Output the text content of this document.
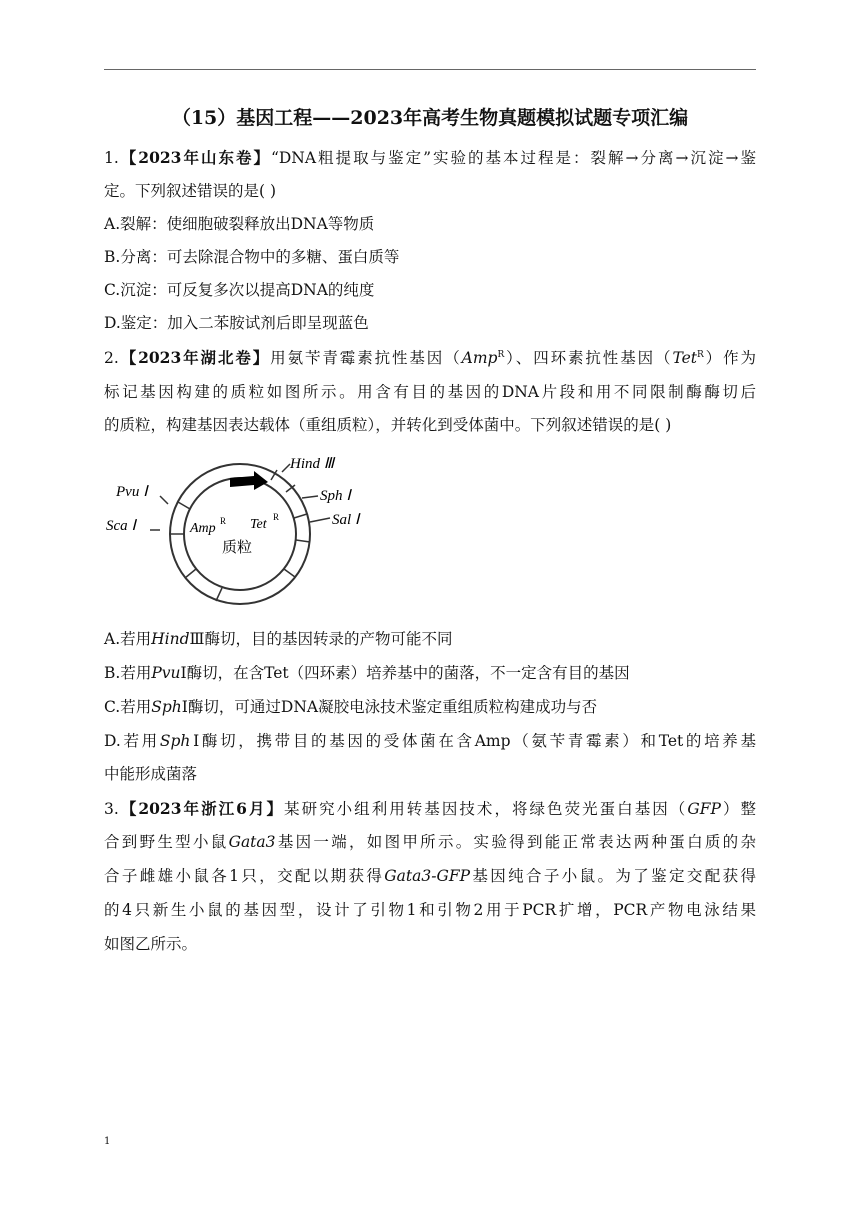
（15）基因工程——2023年高考生物真题模拟试题专项汇编
1.【2023年山东卷】“DNA粗提取与鉴定”实验的基本过程是：裂解→分离→沉淀→鉴
定。下列叙述错误的是( )
A.裂解：使细胞破裂释放出DNA等物质
B.分离：可去除混合物中的多糖、蛋白质等
C.沉淀：可反复多次以提高DNA的纯度
D.鉴定：加入二苯胺试剂后即呈现蓝色
2.【2023年湖北卷】用氨苄青霉素抗性基因（Amp$^R$）、四环素抗性基因（Tet$^R$）作为
标记基因构建的质粒如图所示。用含有目的基因的DNA片段和用不同限制酶酶切后
的质粒，构建基因表达载体（重组质粒），并转化到受体菌中。下列叙述错误的是( )
Hind Ⅲ
Pvu Ⅰ	Sph Ⅰ
Sca Ⅰ	Sal Ⅰ
Amp R Tet R
质粒
A.若用HindⅢ酶切，目的基因转录的产物可能不同
B.若用PvuⅠ酶切，在含Tet（四环素）培养基中的菌落，不一定含有目的基因
C.若用SphⅠ酶切，可通过DNA凝胶电泳技术鉴定重组质粒构建成功与否
D.若用SphⅠ酶切，携带目的基因的受体菌在含Amp（氨苄青霉素）和Tet的培养基
中能形成菌落
3.【2023年浙江6月】某研究小组利用转基因技术，将绿色荧光蛋白基因（GFP）整
合到野生型小鼠Gata3基因一端，如图甲所示。实验得到能正常表达两种蛋白质的杂
合子雌雄小鼠各1只，交配以期获得Gata3-GFP基因纯合子小鼠。为了鉴定交配获得
的4只新生小鼠的基因型，设计了引物1和引物2用于PCR扩增，PCR产物电泳结果
如图乙所示。
1
